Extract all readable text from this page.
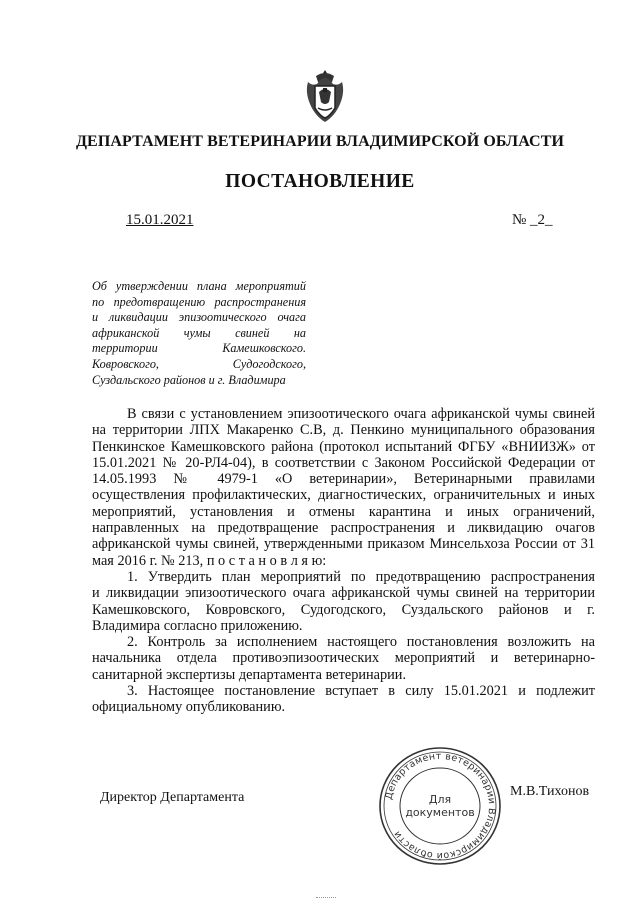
ДЕПАРТАМЕНТ ВЕТЕРИНАРИИ ВЛАДИМИРСКОЙ ОБЛАСТИ
ПОСТАНОВЛЕНИЕ
15.01.2021	№ _2_
Об утверждении плана мероприятий
по предотвращению распространения
и ликвидации эпизоотического очага
африканской чумы свиней на
территории Камешковского.
Ковровского, Судогодского,
Суздальского районов и г. Владимира
В связи с установлением эпизоотического очага африканской чумы свиней
на территории ЛПХ Макаренко С.В, д. Пенкино муниципального образования
Пенкинское Камешковского района (протокол испытаний ФГБУ «ВНИИЗЖ» от
15.01.2021 № 20-РЛ4-04), в соответствии с Законом Российской Федерации от
14.05.1993 № 4979-1 «О ветеринарии», Ветеринарными правилами
осуществления профилактических, диагностических, ограничительных и иных
мероприятий, установления и отмены карантина и иных ограничений,
направленных на предотвращение распространения и ликвидацию очагов
африканской чумы свиней, утвержденными приказом Минсельхоза России от 31
мая 2016 г. № 213, п о с т а н о в л я ю:
1. Утвердить план мероприятий по предотвращению распространения
и ликвидации эпизоотического очага африканской чумы свиней на территории
Камешковского, Ковровского, Судогодского, Суздальского районов и г.
Владимира согласно приложению.
2. Контроль за исполнением настоящего постановления возложить на
начальника отдела противоэпизоотических мероприятий и ветеринарно-
санитарной экспертизы департамента ветеринарии.
3. Настоящее постановление вступает в силу 15.01.2021 и подлежит
официальному опубликованию.
Директор Департамента	М.В.Тихонов
Департамент ветеринарии Владимирской области
Для
документов
